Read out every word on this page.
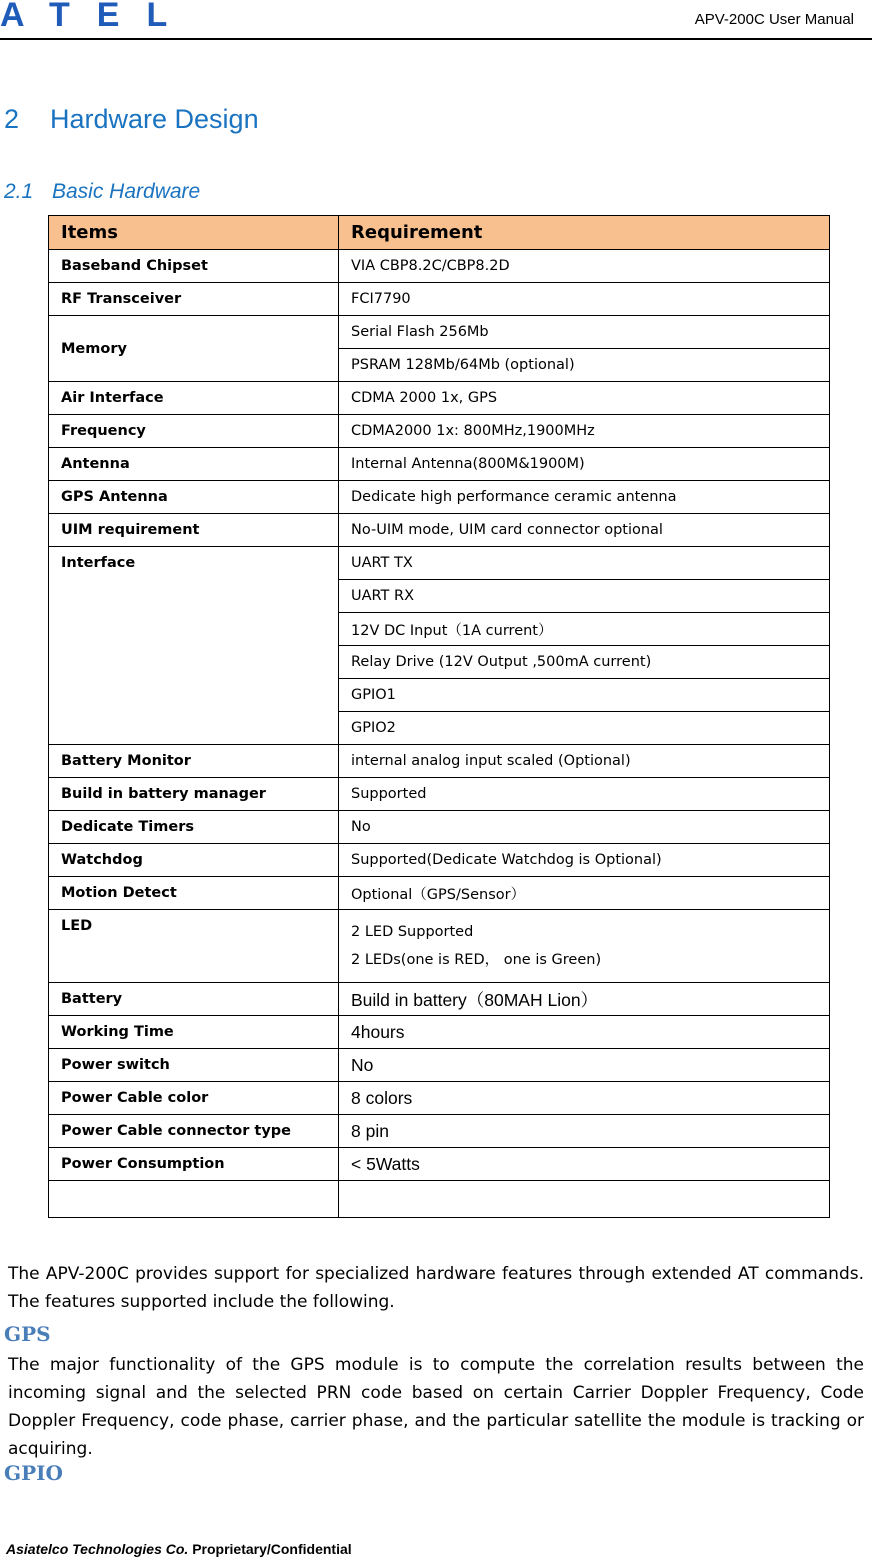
ATEL	APV-200C User Manual
2 Hardware Design
2.1 Basic Hardware
Items	Requirement
Baseband Chipset	VIA CBP8.2C/CBP8.2D
RF Transceiver	FCI7790
Memory	Serial Flash 256Mb
	PSRAM 128Mb/64Mb (optional)
Air Interface	CDMA 2000 1x, GPS
Frequency	CDMA2000 1x: 800MHz,1900MHz
Antenna	Internal Antenna(800M&1900M)
GPS Antenna	Dedicate high performance ceramic antenna
UIM requirement	No-UIM mode, UIM card connector optional
Interface	UART TX
	UART RX
	12V DC Input（1A current）
	Relay Drive (12V Output ,500mA current)
	GPIO1
	GPIO2
Battery Monitor	internal analog input scaled (Optional)
Build in battery manager	Supported
Dedicate Timers	No
Watchdog	Supported(Dedicate Watchdog is Optional)
Motion Detect	Optional（GPS/Sensor）
LED	2 LED Supported
2 LEDs(one is RED， one is Green)

Battery	Build in battery（80MAH Lion）
Working Time	4hours
Power switch	No
Power Cable color	8 colors
Power Cable connector type	8 pin
Power Consumption	< 5Watts

The APV-200C provides support for specialized hardware features through extended AT commands. The features supported include the following.
GPS
The major functionality of the GPS module is to compute the correlation results between the incoming signal and the selected PRN code based on certain Carrier Doppler Frequency, Code Doppler Frequency, code phase, carrier phase, and the particular satellite the module is tracking or acquiring.
GPIO
Asiatelco Technologies Co. Proprietary/Confidential
